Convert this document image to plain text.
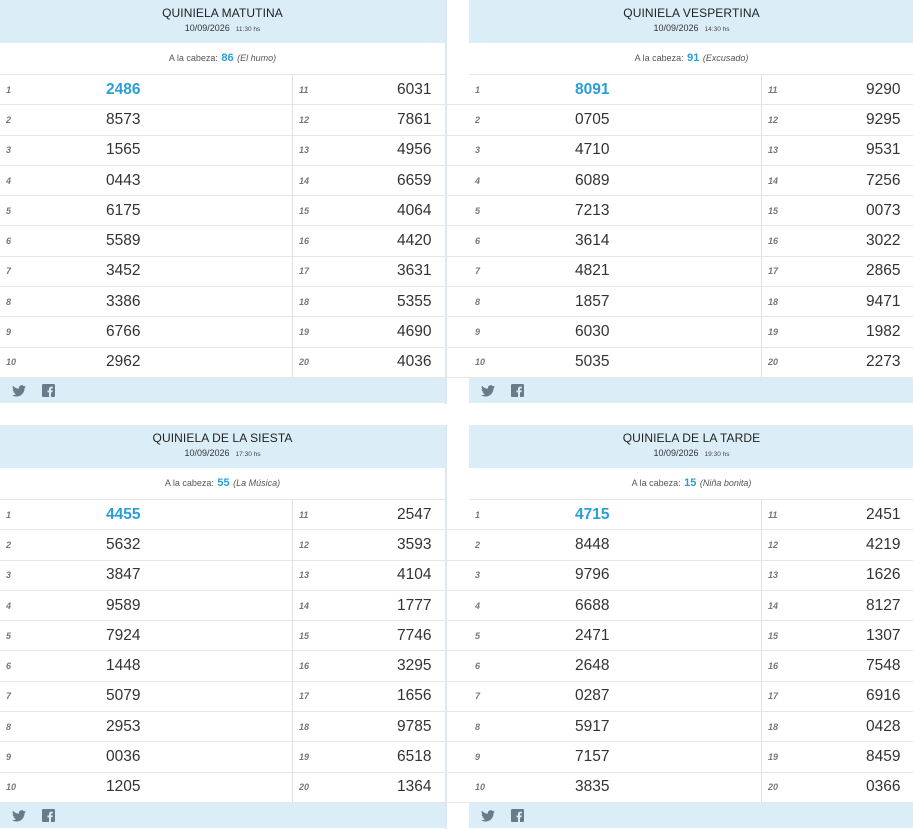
QUINIELA MATUTINA
10/09/2026 11:30 hs
A la cabeza: 86 (El humo)
1	2486	11	6031
2	8573	12	7861
3	1565	13	4956
4	0443	14	6659
5	6175	15	4064
6	5589	16	4420
7	3452	17	3631
8	3386	18	5355
9	6766	19	4690
10	2962	20	4036
QUINIELA VESPERTINA
10/09/2026 14:30 hs
A la cabeza: 91 (Excusado)
1	8091	11	9290
2	0705	12	9295
3	4710	13	9531
4	6089	14	7256
5	7213	15	0073
6	3614	16	3022
7	4821	17	2865
8	1857	18	9471
9	6030	19	1982
10	5035	20	2273
QUINIELA DE LA SIESTA
10/09/2026 17:30 hs
A la cabeza: 55 (La Música)
1	4455	11	2547
2	5632	12	3593
3	3847	13	4104
4	9589	14	1777
5	7924	15	7746
6	1448	16	3295
7	5079	17	1656
8	2953	18	9785
9	0036	19	6518
10	1205	20	1364
QUINIELA DE LA TARDE
10/09/2026 19:30 hs
A la cabeza: 15 (Niña bonita)
1	4715	11	2451
2	8448	12	4219
3	9796	13	1626
4	6688	14	8127
5	2471	15	1307
6	2648	16	7548
7	0287	17	6916
8	5917	18	0428
9	7157	19	8459
10	3835	20	0366
